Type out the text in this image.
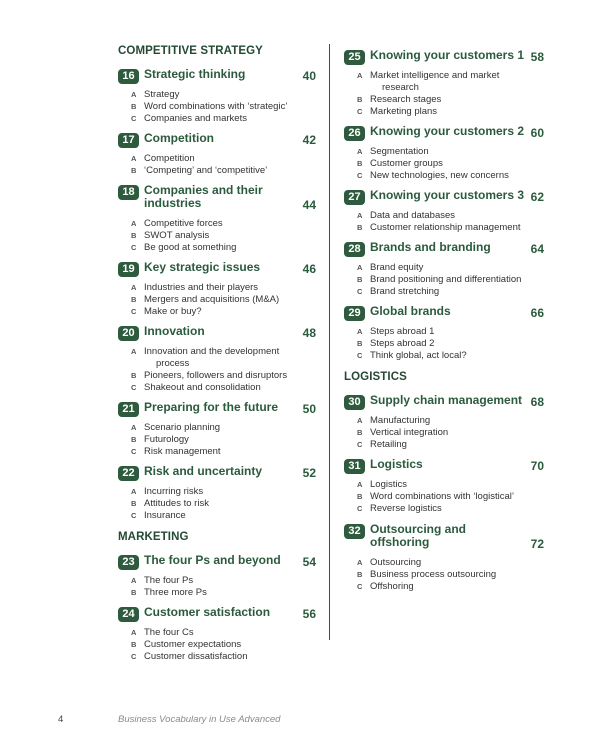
COMPETITIVE STRATEGY
16 Strategic thinking	40
A Strategy
B Word combinations with ‘strategic’
C Companies and markets
17 Competition	42
A Competition
B ‘Competing’ and ‘competitive’
18 Companies and their
industries	44
A Competitive forces
B SWOT analysis
C Be good at something
19 Key strategic issues	46
A Industries and their players
B Mergers and acquisitions (M&A)
C Make or buy?
20 Innovation	48
A Innovation and the development
process
B Pioneers, followers and disruptors
C Shakeout and consolidation
21 Preparing for the future 50
A Scenario planning
B Futurology
C Risk management
22 Risk and uncertainty	52
A Incurring risks
B Attitudes to risk
C Insurance
MARKETING
23 The four Ps and beyond 54
A The four Ps
B Three more Ps
24 Customer satisfaction	56
A The four Cs
B Customer expectations
C Customer dissatisfaction
25 Knowing your customers 1 58
A Market intelligence and market
research
B Research stages
C Marketing plans
26 Knowing your customers 2 60
A Segmentation
B Customer groups
C New technologies, new concerns
27 Knowing your customers 3 62
A Data and databases
B Customer relationship management
28 Brands and branding	64
A Brand equity
B Brand positioning and differentiation
C Brand stretching
29 Global brands	66
A Steps abroad 1
B Steps abroad 2
C Think global, act local?
LOGISTICS
30 Supply chain management 68
A Manufacturing
B Vertical integration
C Retailing
31 Logistics	70
A Logistics
B Word combinations with ‘logistical’
C Reverse logistics
32 Outsourcing and
offshoring	72
A Outsourcing
B Business process outsourcing
C Offshoring
4	Business Vocabulary in Use Advanced
